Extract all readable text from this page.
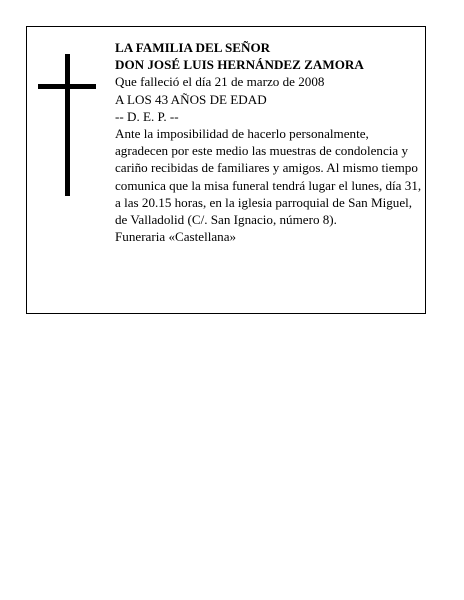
LA FAMILIA DEL SEÑOR

DON JOSÉ LUIS HERNÁNDEZ ZAMORA

Que falleció el día 21 de marzo de 2008

A LOS 43 AÑOS DE EDAD

-- D. E. P. --

Ante la imposibilidad de hacerlo personalmente, agradecen por este medio las muestras de condolencia y cariño recibidas de familiares y amigos. Al mismo tiempo comunica que la misa funeral tendrá lugar el lunes, día 31, a las 20.15 horas, en la iglesia parroquial de San Miguel, de Valladolid (C/. San Ignacio, número 8).

Funeraria «Castellana»
